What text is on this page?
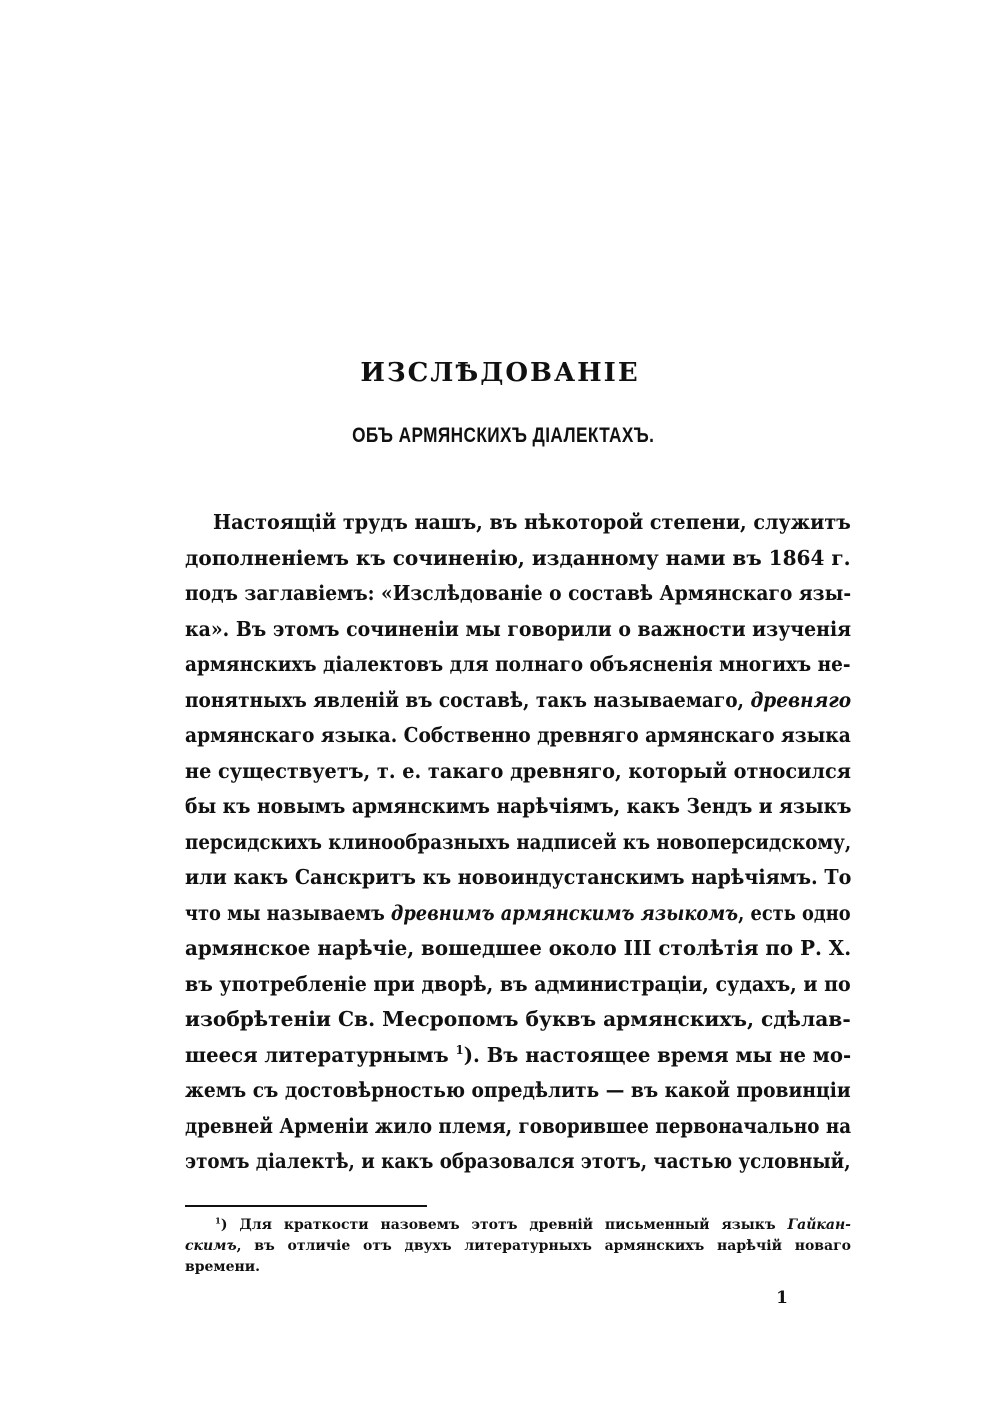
ИЗСЛѢДОВАНІЕ
ОБЪ АРМЯНСКИХЪ ДІАЛЕКТАХЪ.
Настоящій трудъ нашъ, въ нѣкоторой степени, служитъ
дополненіемъ къ сочиненію, изданному нами въ 1864 г.
подъ заглавіемъ: «Изслѣдованіе о составѣ Армянскаго язы-
ка». Въ этомъ сочиненіи мы говорили о важности изученія
армянскихъ діалектовъ для полнаго объясненія многихъ не-
понятныхъ явленій въ составѣ, такъ называемаго, древняго
армянскаго языка. Собственно древняго армянскаго языка
не существуетъ, т. е. такаго древняго, который относился
бы къ новымъ армянскимъ нарѣчіямъ, какъ Зендъ и языкъ
персидскихъ клинообразныхъ надписей къ новоперсидскому,
или какъ Санскритъ къ новоиндустанскимъ нарѣчіямъ. То
что мы называемъ древнимъ армянскимъ языкомъ, есть одно
армянское нарѣчіе, вошедшее около III столѣтія по Р. Х.
въ употребленіе при дворѣ, въ администраціи, судахъ, и по
изобрѣтеніи Св. Месропомъ буквъ армянскихъ, сдѣлав-
шееся литературнымъ $^1$). Въ настоящее время мы не мо-
жемъ съ достовѣрностью опредѣлить — въ какой провинціи
древней Арменіи жило племя, говорившее первоначально на
этомъ діалектѣ, и какъ образовался этотъ, частью условный,
$^1$) Для краткости назовемъ этотъ древній письменный языкъ Гайкан-
скимъ, въ отличіе отъ двухъ литературныхъ армянскихъ нарѣчій новаго
времени.
1
